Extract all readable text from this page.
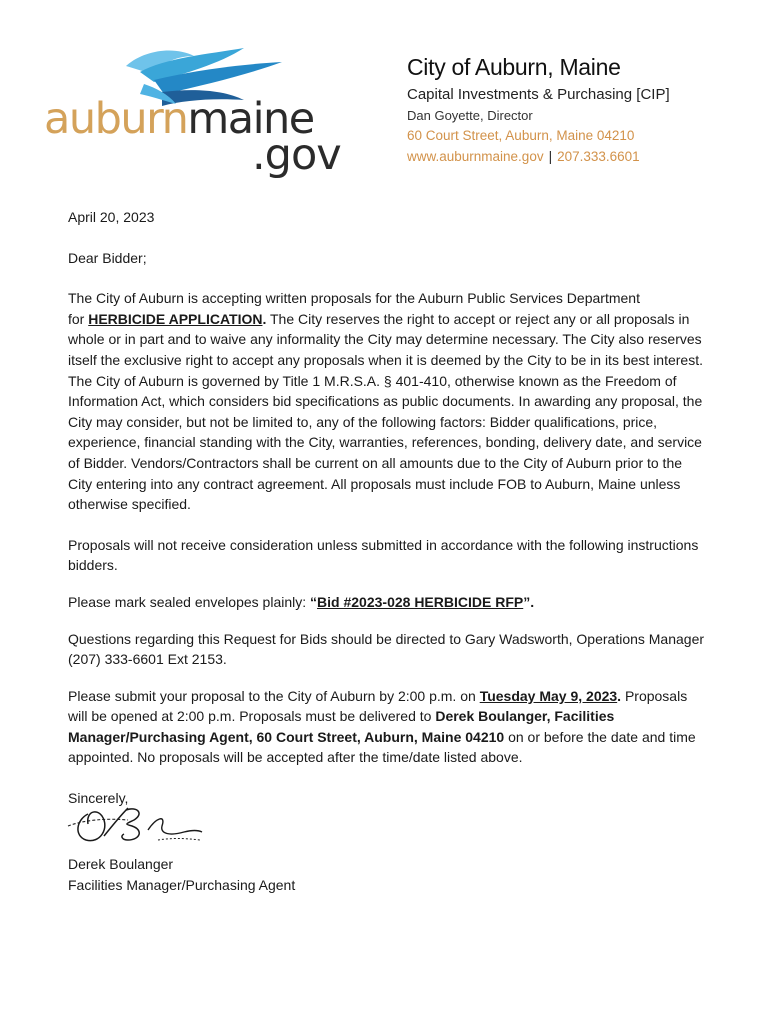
auburnmaine
.gov
City of Auburn, Maine
Capital Investments & Purchasing [CIP]
Dan Goyette, Director
60 Court Street, Auburn, Maine 04210
www.auburnmaine.gov | 207.333.6601

April 20, 2023

Dear Bidder;

The City of Auburn is accepting written proposals for the Auburn Public Services Department
for HERBICIDE APPLICATION. The City reserves the right to accept or reject any or all proposals in whole or in part and to waive any informality the City may determine necessary. The City also reserves itself the exclusive right to accept any proposals when it is deemed by the City to be in its best interest. The City of Auburn is governed by Title 1 M.R.S.A. § 401-410, otherwise known as the Freedom of Information Act, which considers bid specifications as public documents. In awarding any proposal, the City may consider, but not be limited to, any of the following factors: Bidder qualifications, price, experience, financial standing with the City, warranties, references, bonding, delivery date, and service of Bidder. Vendors/Contractors shall be current on all amounts due to the City of Auburn prior to the City entering into any contract agreement. All proposals must include FOB to Auburn, Maine unless otherwise specified.

Proposals will not receive consideration unless submitted in accordance with the following instructions bidders.

Please mark sealed envelopes plainly: “Bid #2023-028 HERBICIDE RFP”.

Questions regarding this Request for Bids should be directed to Gary Wadsworth, Operations Manager (207) 333-6601 Ext 2153.

Please submit your proposal to the City of Auburn by 2:00 p.m. on Tuesday May 9, 2023. Proposals will be opened at 2:00 p.m. Proposals must be delivered to Derek Boulanger, Facilities Manager/Purchasing Agent, 60 Court Street, Auburn, Maine 04210 on or before the date and time appointed. No proposals will be accepted after the time/date listed above.

Sincerely,

Derek Boulanger
Facilities Manager/Purchasing Agent
